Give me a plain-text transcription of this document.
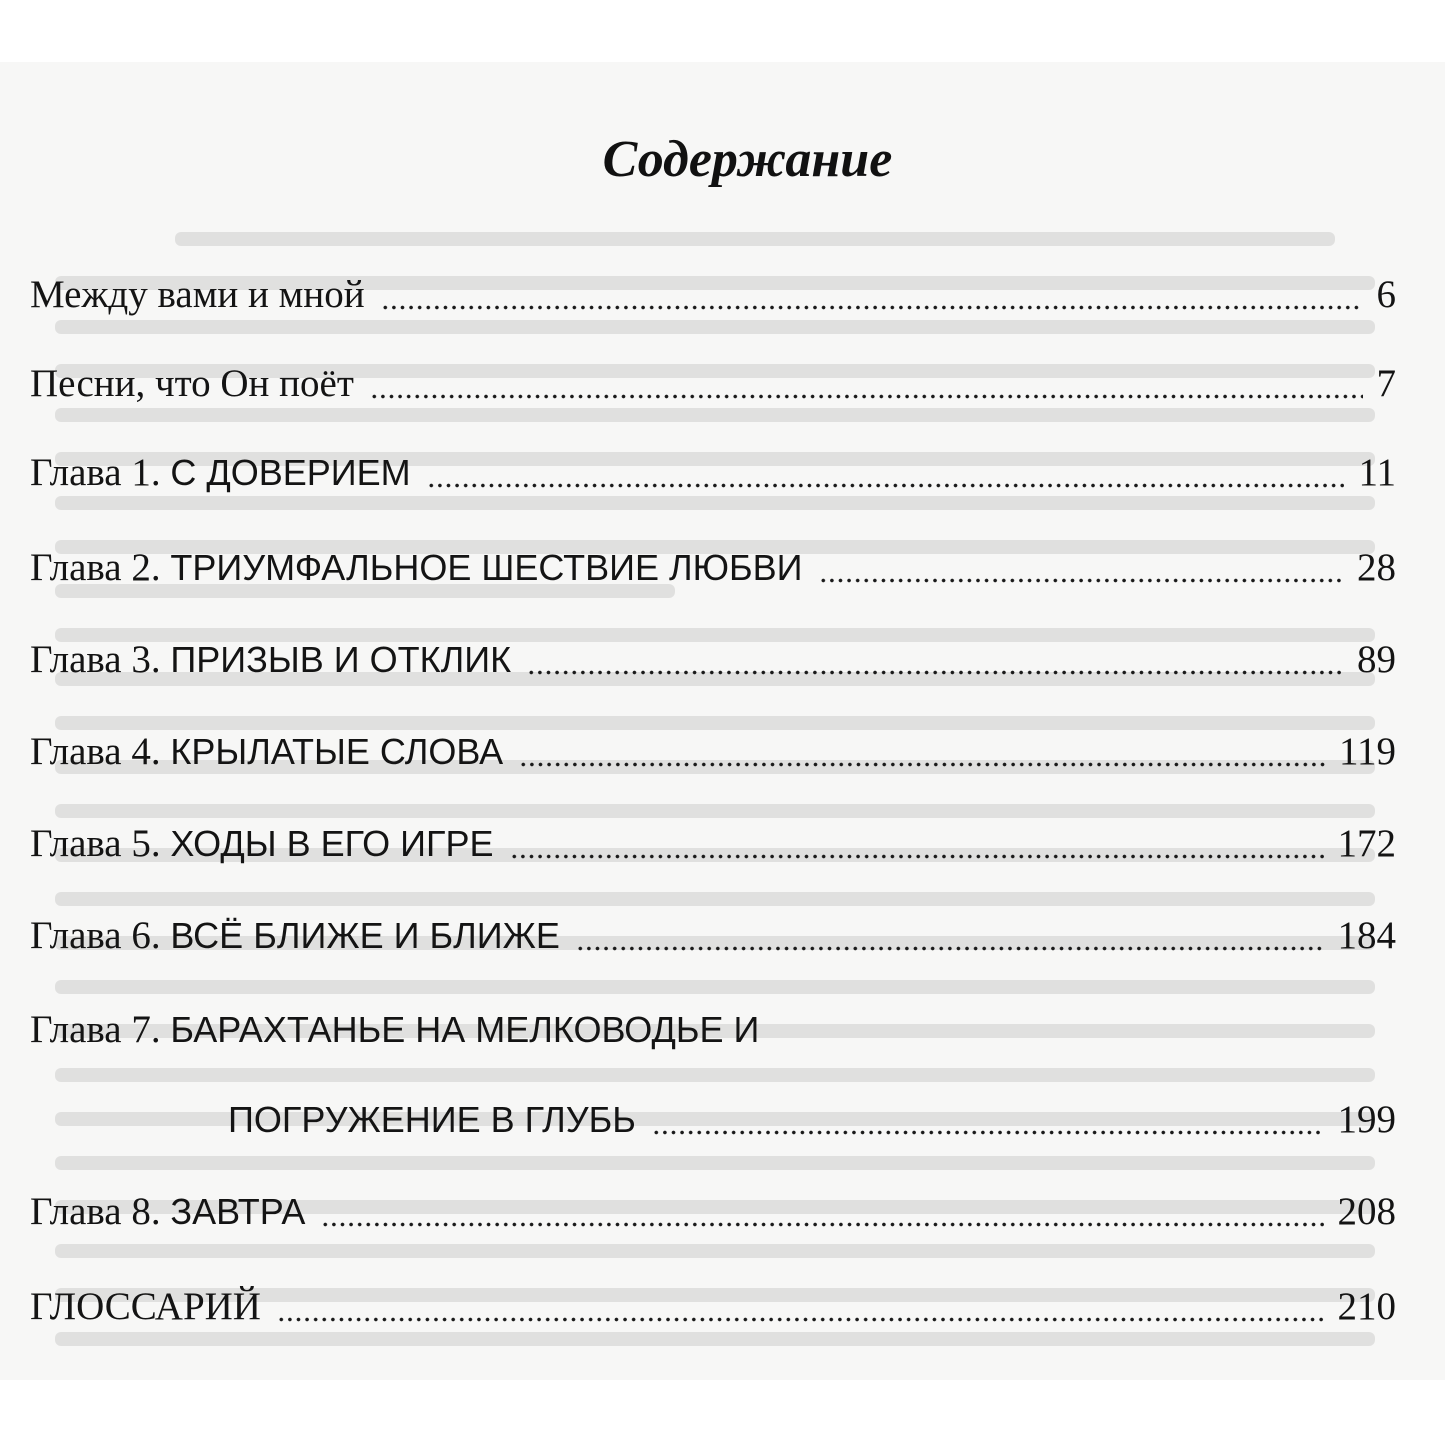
Содержание
Между вами и мной	6
Песни, что Он поёт	7
Глава 1. С ДОВЕРИЕМ	11
Глава 2. ТРИУМФАЛЬНОЕ ШЕСТВИЕ ЛЮБВИ	28
Глава 3. ПРИЗЫВ И ОТКЛИК	89
Глава 4. КРЫЛАТЫЕ СЛОВА	119
Глава 5. ХОДЫ В ЕГО ИГРЕ	172
Глава 6. ВСЁ БЛИЖЕ И БЛИЖЕ	184
Глава 7. БАРАХТАНЬЕ НА МЕЛКОВОДЬЕ И
ПОГРУЖЕНИЕ В ГЛУБЬ	199
Глава 8. ЗАВТРА	208
ГЛОССАРИЙ	210
